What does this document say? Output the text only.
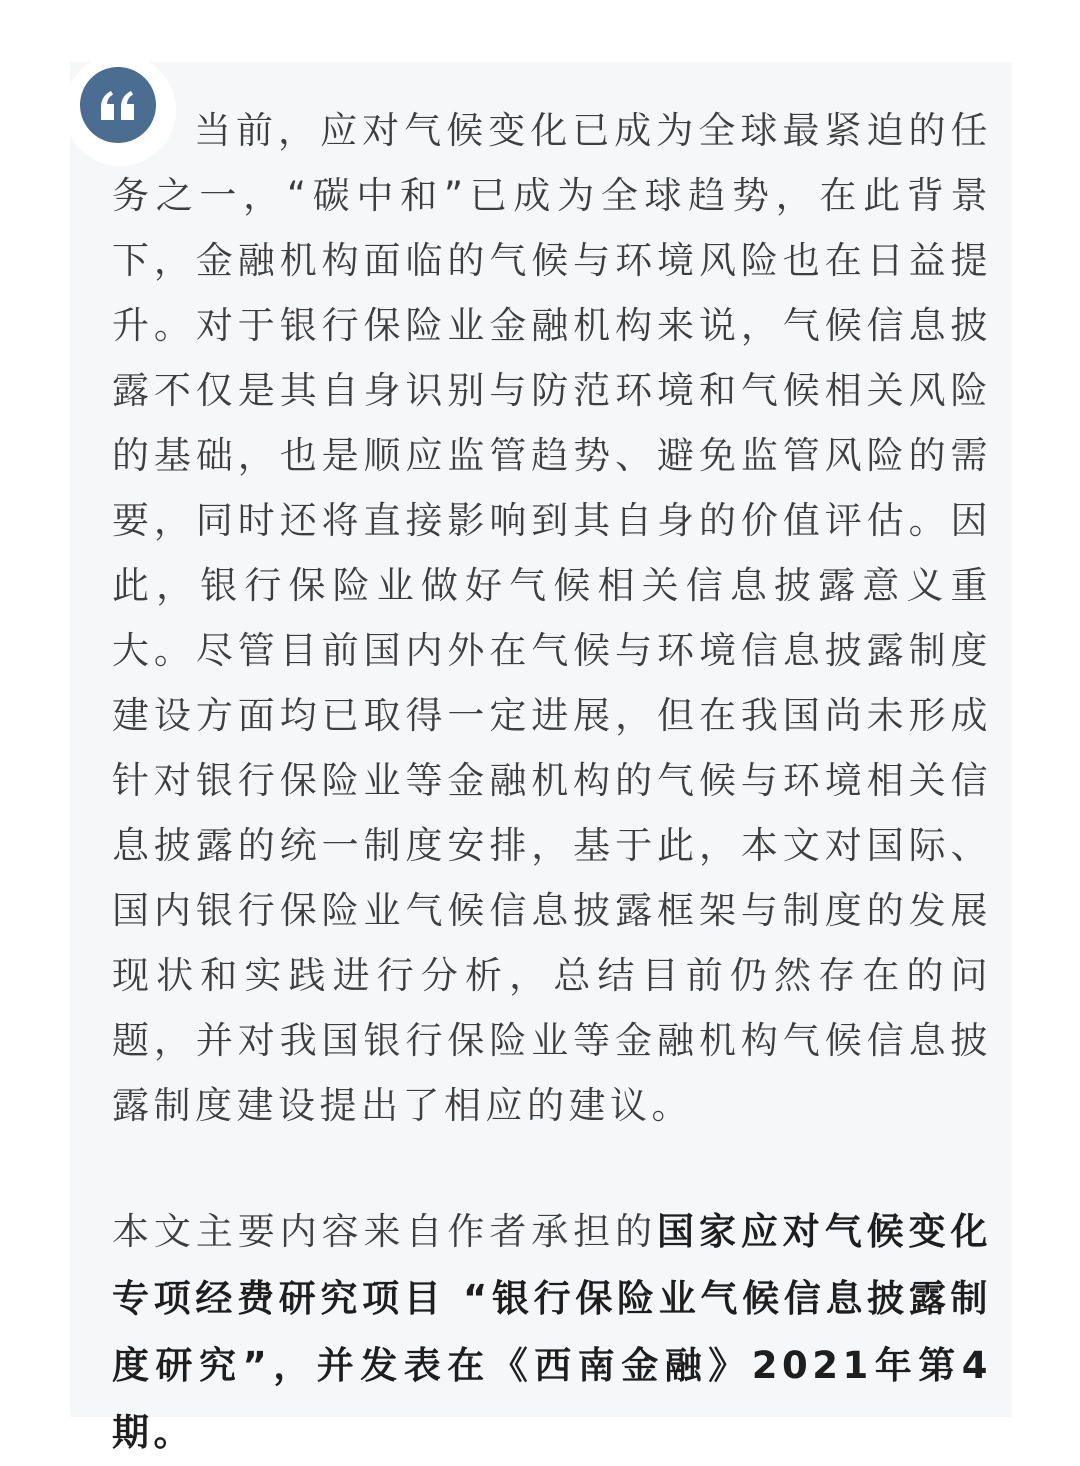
当前，应对气候变化已成为全球最紧迫的任务之一，“碳中和”已成为全球趋势，在此背景下，金融机构面临的气候与环境风险也在日益提升。对于银行保险业金融机构来说，气候信息披露不仅是其自身识别与防范环境和气候相关风险的基础，也是顺应监管趋势、避免监管风险的需要，同时还将直接影响到其自身的价值评估。因此，银行保险业做好气候相关信息披露意义重大。尽管目前国内外在气候与环境信息披露制度建设方面均已取得一定进展，但在我国尚未形成针对银行保险业等金融机构的气候与环境相关信息披露的统一制度安排，基于此，本文对国际、国内银行保险业气候信息披露框架与制度的发展现状和实践进行分析，总结目前仍然存在的问题，并对我国银行保险业等金融机构气候信息披露制度建设提出了相应的建议。

本文主要内容来自作者承担的国家应对气候变化专项经费研究项目 “银行保险业气候信息披露制度研究”，并发表在《西南金融》2021年第4期。
